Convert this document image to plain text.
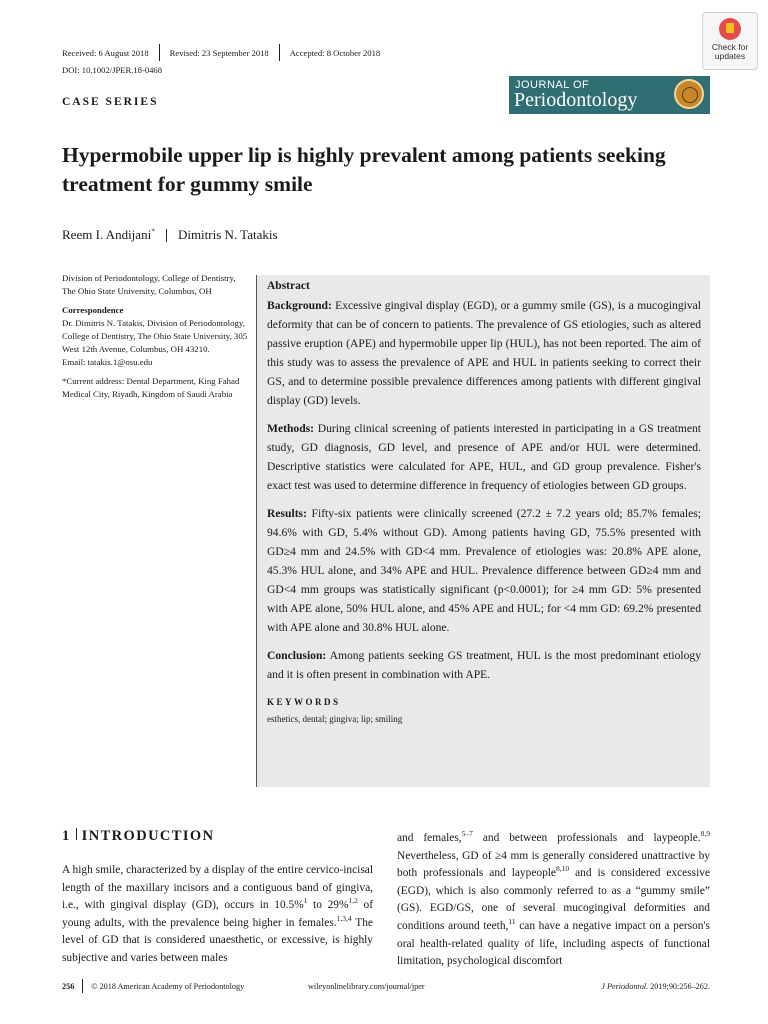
Received: 6 August 2018 Revised: 23 September 2018 Accepted: 8 October 2018
DOI: 10.1002/JPER.18-0468
CASE SERIES
JOURNAL OF
Periodontology
Check for
updates
Hypermobile upper lip is highly prevalent among patients seeking treatment for gummy smile
Reem I. Andijani* Dimitris N. Tatakis

Division of Periodontology, College of Dentistry, The Ohio State University, Columbus, OH

Correspondence

Dr. Dimitris N. Tatakis, Division of Periodontology, College of Dentistry, The Ohio State University, 305 West 12th Avenue, Columbus, OH 43210.

Email: tatakis.1@osu.edu

*Current address: Dental Department, King Fahad Medical City, Riyadh, Kingdom of Saudi Arabia

Abstract

Background: Excessive gingival display (EGD), or a gummy smile (GS), is a mucogingival deformity that can be of concern to patients. The prevalence of GS etiologies, such as altered passive eruption (APE) and hypermobile upper lip (HUL), has not been reported. The aim of this study was to assess the prevalence of APE and HUL in patients seeking to correct their GS, and to determine possible prevalence differences among patients with different gingival display (GD) levels.

Methods: During clinical screening of patients interested in participating in a GS treatment study, GD diagnosis, GD level, and presence of APE and/or HUL were determined. Descriptive statistics were calculated for APE, HUL, and GD group prevalence. Fisher's exact test was used to determine difference in frequency of etiologies between GD groups.

Results: Fifty-six patients were clinically screened (27.2 ± 7.2 years old; 85.7% females; 94.6% with GD, 5.4% without GD). Among patients having GD, 75.5% presented with GD≥4 mm and 24.5% with GD<4 mm. Prevalence of etiologies was: 20.8% APE alone, 45.3% HUL alone, and 34% APE and HUL. Prevalence difference between GD≥4 mm and GD<4 mm groups was statistically significant (p<0.0001); for ≥4 mm GD: 5% presented with APE alone, 50% HUL alone, and 45% APE and HUL; for <4 mm GD: 69.2% presented with APE alone and 30.8% HUL alone.

Conclusion: Among patients seeking GS treatment, HUL is the most predominant etiology and it is often present in combination with APE.

KEYWORDS
esthetics, dental; gingiva; lip; smiling
1 INTRODUCTION

A high smile, characterized by a display of the entire cervico-incisal length of the maxillary incisors and a contiguous band of gingiva, i.e., with gingival display (GD), occurs in 10.5%$^1$ to 29%$^{1,2}$ of young adults, with the prevalence being higher in females.$^{1,3,4}$ The level of GD that is considered unaesthetic, or excessive, is highly subjective and varies between males

and females,$^{5-7}$ and between professionals and laypeople.$^{8,9}$ Nevertheless, GD of ≥4 mm is generally considered unattractive by both professionals and laypeople$^{8,10}$ and is considered excessive (EGD), which is also commonly referred to as a “gummy smile” (GS). EGD/GS, one of several mucogingival deformities and conditions around teeth,$^{11}$ can have a negative impact on a person's oral health-related quality of life, including aspects of functional limitation, psychological discomfort

256 © 2018 American Academy of Periodontology	wileyonlinelibrary.com/journal/jper	J Periodontol. 2019;90:256–262.
